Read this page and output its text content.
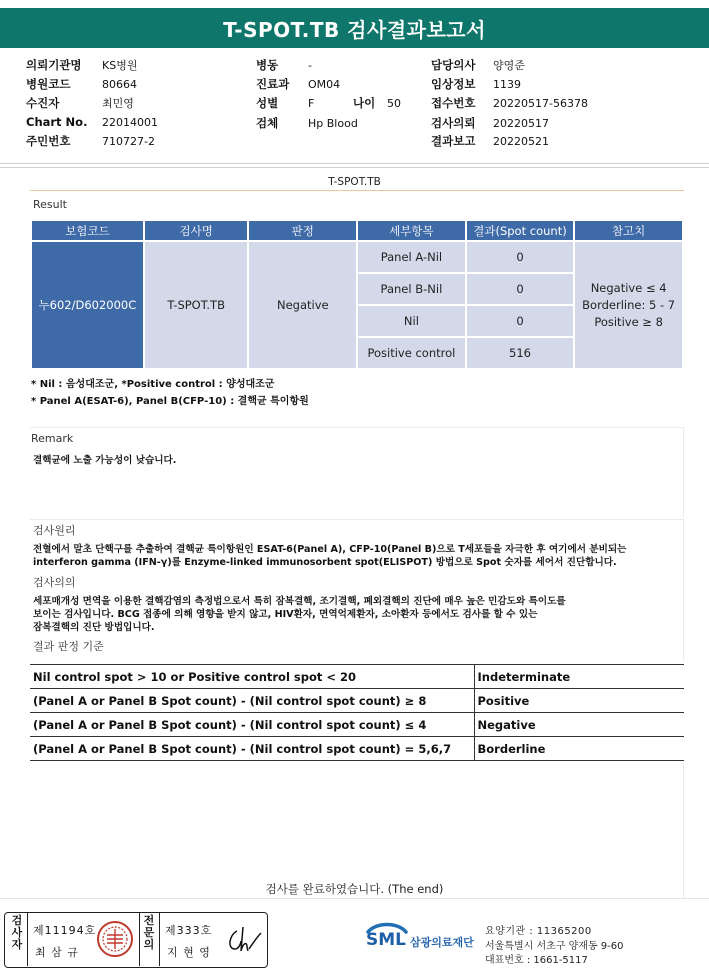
T-SPOT.TB 검사결과보고서
의뢰기관명 KS병원
병원코드	80664
수진자	최민영
Chart No. 22014001
주민번호	710727-2
병동	-
진료과 OM04
성별	F	나이 50
검체	Hp Blood
담당의사 양영준
임상정보 1139
접수번호 20220517-56378
검사의뢰 20220517
결과보고 20220521
T-SPOT.TB
Result
보험코드	검사명	판정	세부항목	결과(Spot count)	참고치
누602/D602000C	T-SPOT.TB	Negative	Panel A-Nil	0	Negative ≤ 4
Borderline: 5 - 7
Positive ≥ 8

			Panel B-Nil	0	
			Nil	0	
			Positive control	516	
* Nil : 음성대조군, *Positive control : 양성대조군
* Panel A(ESAT-6), Panel B(CFP-10) : 결핵균 특이항원
Remark
결핵균에 노출 가능성이 낮습니다.
검사원리
전혈에서 말초 단핵구를 추출하여 결핵균 특이항원인 ESAT-6(Panel A), CFP-10(Panel B)으로 T세포들을 자극한 후 여기에서 분비되는
interferon gamma (IFN-γ)를 Enzyme-linked immunosorbent spot(ELISPOT) 방법으로 Spot 숫자를 세어서 진단합니다.
검사의의
세포매개성 면역을 이용한 결핵감염의 측정법으로서 특히 잠복결핵, 조기결핵, 폐외결핵의 진단에 매우 높은 민감도와 특이도를
보이는 검사입니다. BCG 접종에 의해 영향을 받지 않고, HIV환자, 면역억제환자, 소아환자 등에서도 검사를 할 수 있는
잠복결핵의 진단 방법입니다.
결과 판정 기준
Nil control spot > 10 or Positive control spot < 20	Indeterminate
(Panel A or Panel B Spot count) - (Nil control spot count) ≥ 8	Positive
(Panel A or Panel B Spot count) - (Nil control spot count) ≤ 4	Negative
(Panel A or Panel B Spot count) - (Nil control spot count) = 5,6,7	Borderline
검사를 완료하였습니다. (The end)
검사자
제11194호
최 삼 규
전문의
제333호
지 현 영
SML 삼광의료재단
요양기관 : 11365200
서울특별시 서초구 양재동 9-60
대표번호 : 1661-5117
